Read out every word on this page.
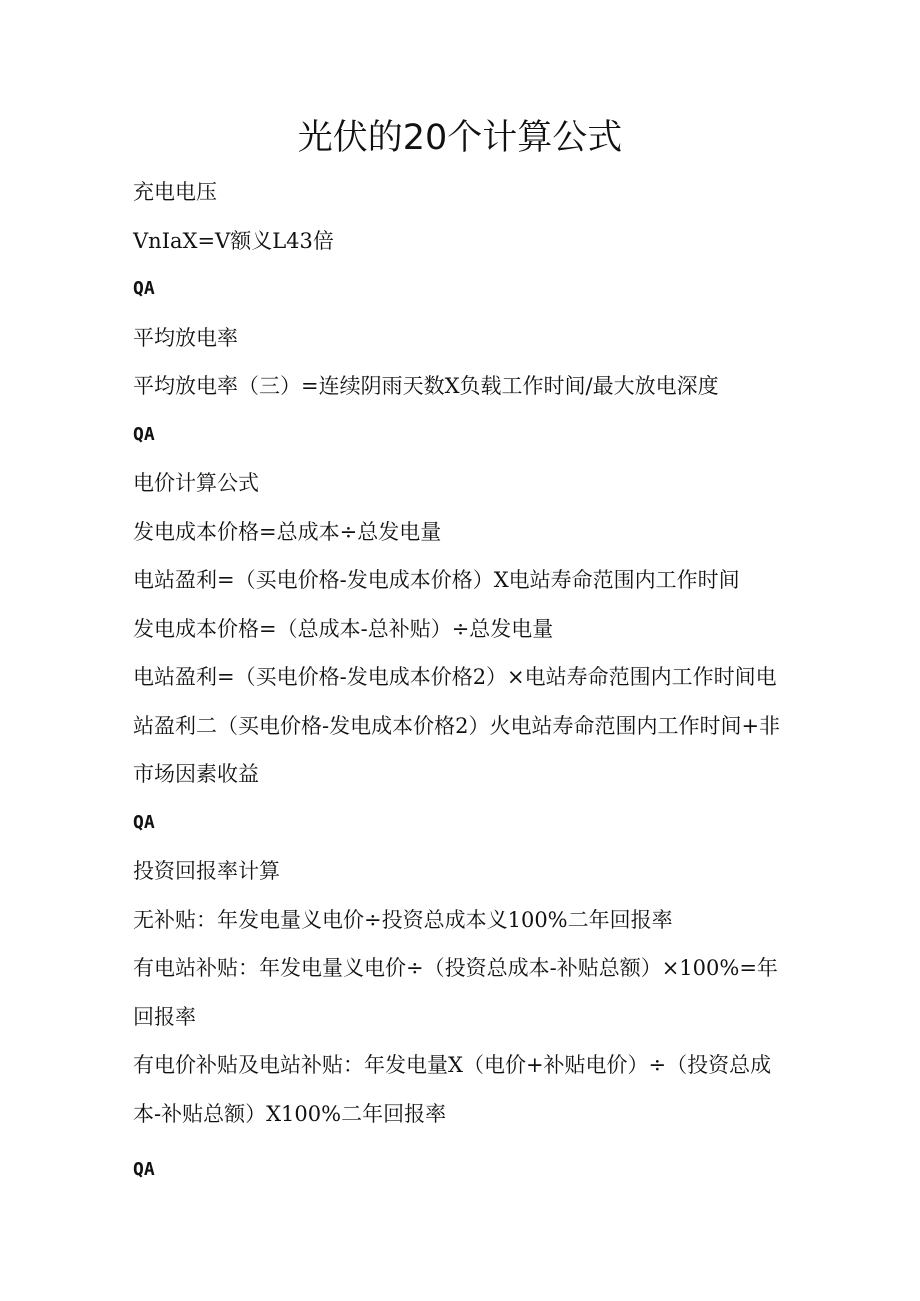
光伏的20个计算公式
充电电压
VnIaX=V额义L43倍
QA
平均放电率
平均放电率（三）=连续阴雨天数X负载工作时间/最大放电深度
QA
电价计算公式
发电成本价格=总成本÷总发电量
电站盈利=（买电价格-发电成本价格）X电站寿命范围内工作时间
发电成本价格=（总成本-总补贴）÷总发电量
电站盈利=（买电价格-发电成本价格2）×电站寿命范围内工作时间电
站盈利二（买电价格-发电成本价格2）火电站寿命范围内工作时间+非
市场因素收益
QA
投资回报率计算
无补贴：年发电量义电价÷投资总成本义100%二年回报率
有电站补贴：年发电量义电价÷（投资总成本-补贴总额）×100%=年
回报率
有电价补贴及电站补贴：年发电量X（电价+补贴电价）÷（投资总成
本-补贴总额）X100%二年回报率
QA
